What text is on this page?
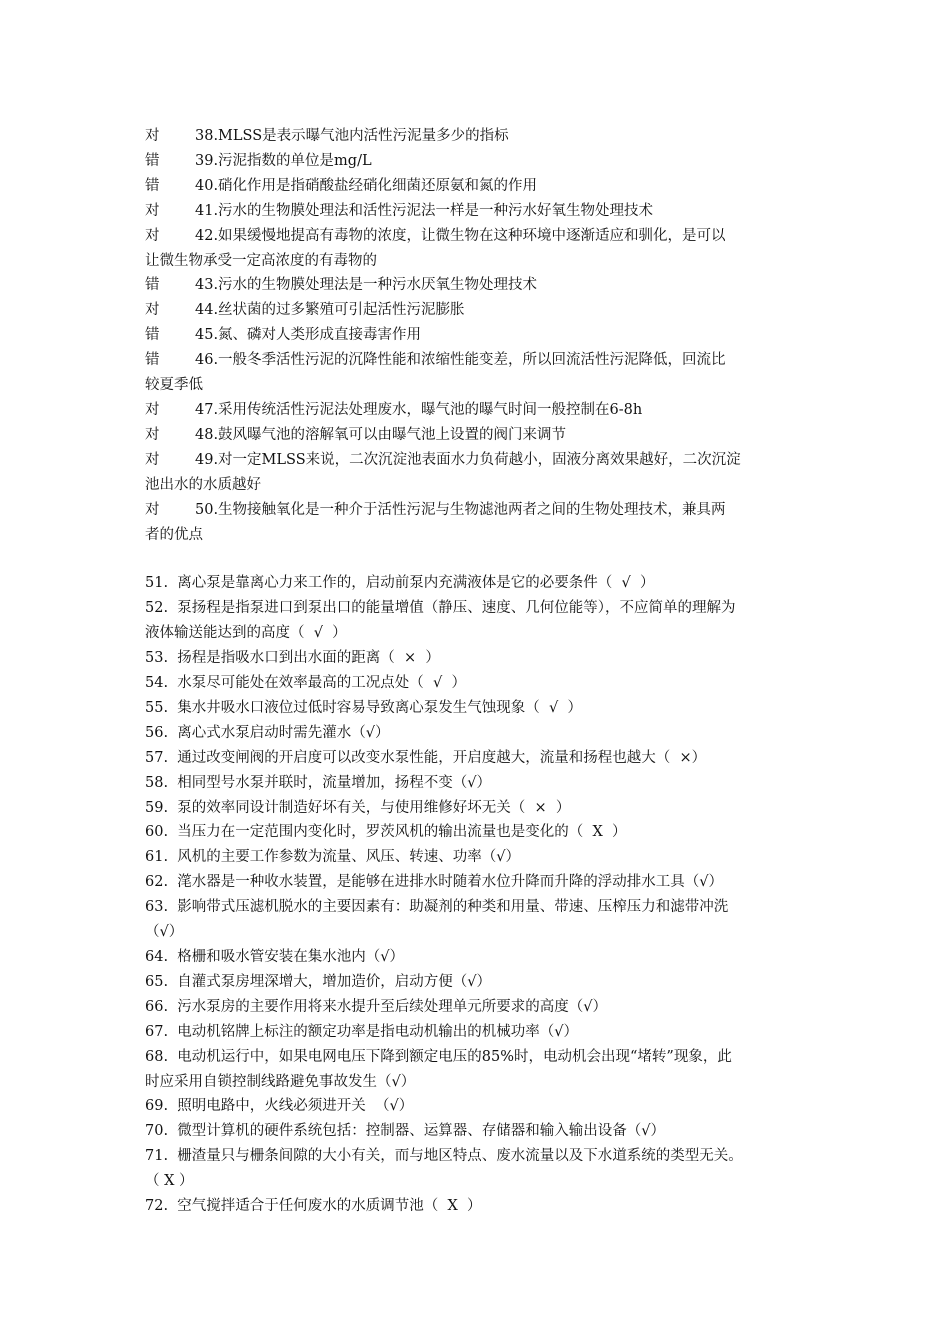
对 38.MLSS是表示曝气池内活性污泥量多少的指标

错 39.污泥指数的单位是mg/L

错 40.硝化作用是指硝酸盐经硝化细菌还原氨和氮的作用

对 41.污水的生物膜处理法和活性污泥法一样是一种污水好氧生物处理技术

对 42.如果缓慢地提高有毒物的浓度，让微生物在这种环境中逐渐适应和驯化，是可以

让微生物承受一定高浓度的有毒物的

错 43.污水的生物膜处理法是一种污水厌氧生物处理技术

对 44.丝状菌的过多繁殖可引起活性污泥膨胀

错 45.氮、磷对人类形成直接毒害作用

错 46.一般冬季活性污泥的沉降性能和浓缩性能变差，所以回流活性污泥降低，回流比

较夏季低

对 47.采用传统活性污泥法处理废水，曝气池的曝气时间一般控制在6-8h

对 48.鼓风曝气池的溶解氧可以由曝气池上设置的阀门来调节

对 49.对一定MLSS来说，二次沉淀池表面水力负荷越小，固液分离效果越好，二次沉淀

池出水的水质越好

对 50.生物接触氧化是一种介于活性污泥与生物滤池两者之间的生物处理技术，兼具两

者的优点

51.  离心泵是靠离心力来工作的，启动前泵内充满液体是它的必要条件（  √  ）

52.  泵扬程是指泵进口到泵出口的能量增值（静压、速度、几何位能等），不应简单的理解为

液体输送能达到的高度（  √  ）

53.  扬程是指吸水口到出水面的距离（  ×  ）

54.  水泵尽可能处在效率最高的工况点处（  √  ）

55.  集水井吸水口液位过低时容易导致离心泵发生气蚀现象（  √  ）

56.  离心式水泵启动时需先灌水（√）

57.  通过改变闸阀的开启度可以改变水泵性能，开启度越大，流量和扬程也越大（  ×）

58.  相同型号水泵并联时，流量增加，扬程不变（√）

59.  泵的效率同设计制造好坏有关，与使用维修好坏无关（  ×  ）

60.  当压力在一定范围内变化时，罗茨风机的输出流量也是变化的（  X  ）

61.  风机的主要工作参数为流量、风压、转速、功率（√）

62.  滗水器是一种收水装置，是能够在进排水时随着水位升降而升降的浮动排水工具（√）

63.  影响带式压滤机脱水的主要因素有：助凝剂的种类和用量、带速、压榨压力和滤带冲洗

（√）

64.  格栅和吸水管安装在集水池内（√）

65.  自灌式泵房埋深增大，增加造价，启动方便（√）

66.  污水泵房的主要作用将来水提升至后续处理单元所要求的高度（√）

67.  电动机铭牌上标注的额定功率是指电动机输出的机械功率（√）

68.  电动机运行中，如果电网电压下降到额定电压的85%时，电动机会出现“堵转”现象，此

时应采用自锁控制线路避免事故发生（√）

69.  照明电路中，火线必须进开关  （√）

70.  微型计算机的硬件系统包括：控制器、运算器、存储器和输入输出设备（√）

71.  栅渣量只与栅条间隙的大小有关，而与地区特点、废水流量以及下水道系统的类型无关。

（ X ）

72.  空气搅拌适合于任何废水的水质调节池（  X  ）
